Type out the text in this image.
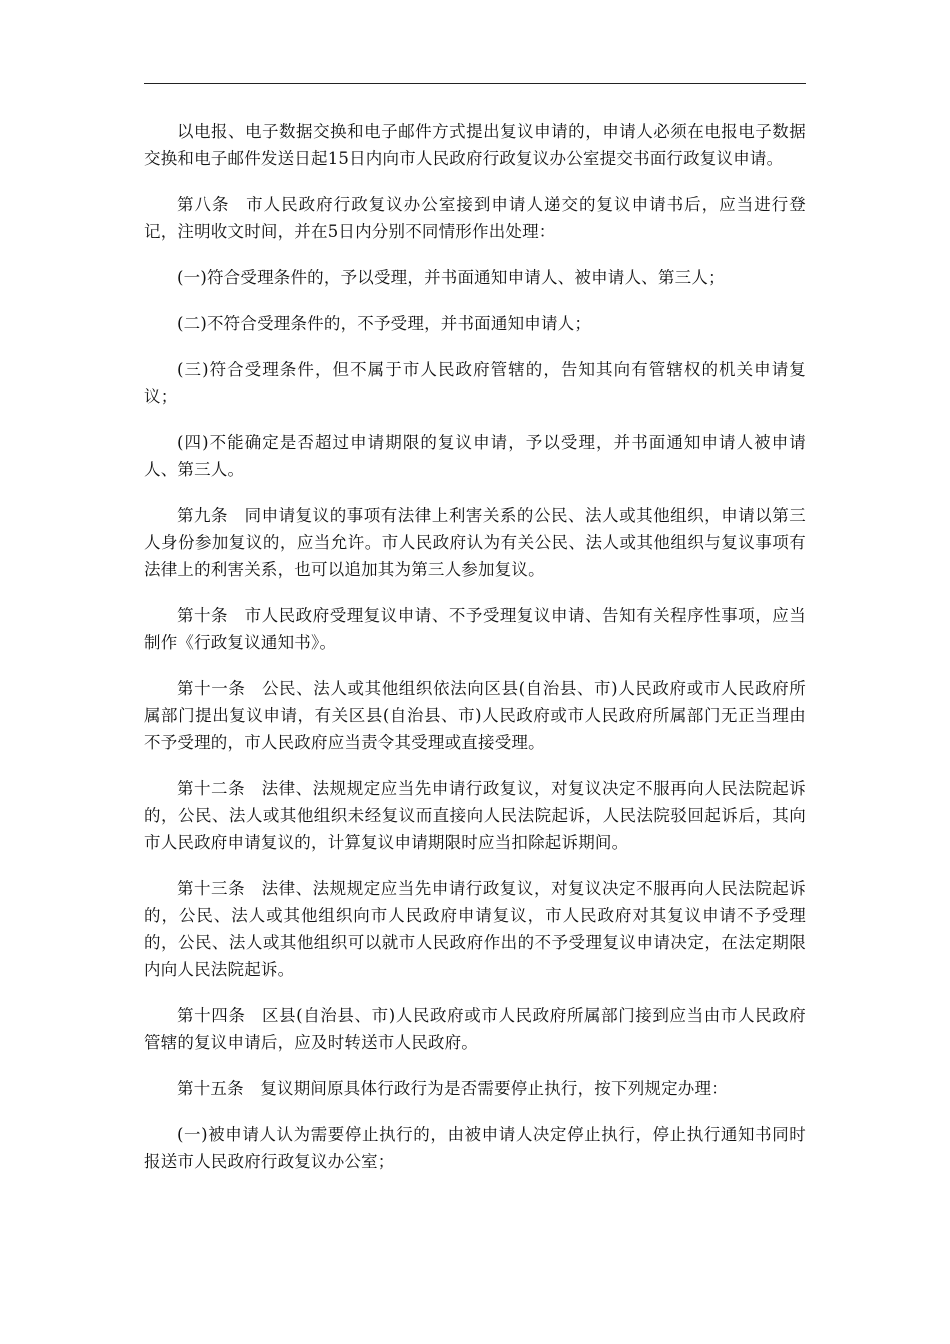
以电报、电子数据交换和电子邮件方式提出复议申请的，申请人必须在电报电子数据交换和电子邮件发送日起15日内向市人民政府行政复议办公室提交书面行政复议申请。

第八条 市人民政府行政复议办公室接到申请人递交的复议申请书后，应当进行登记，注明收文时间，并在5日内分别不同情形作出处理：

(一)符合受理条件的，予以受理，并书面通知申请人、被申请人、第三人；

(二)不符合受理条件的，不予受理，并书面通知申请人；

(三)符合受理条件，但不属于市人民政府管辖的，告知其向有管辖权的机关申请复议；

(四)不能确定是否超过申请期限的复议申请，予以受理，并书面通知申请人被申请人、第三人。

第九条 同申请复议的事项有法律上利害关系的公民、法人或其他组织，申请以第三人身份参加复议的，应当允许。市人民政府认为有关公民、法人或其他组织与复议事项有法律上的利害关系，也可以追加其为第三人参加复议。

第十条 市人民政府受理复议申请、不予受理复议申请、告知有关程序性事项，应当制作《行政复议通知书》。

第十一条 公民、法人或其他组织依法向区县(自治县、市)人民政府或市人民政府所属部门提出复议申请，有关区县(自治县、市)人民政府或市人民政府所属部门无正当理由不予受理的，市人民政府应当责令其受理或直接受理。

第十二条 法律、法规规定应当先申请行政复议，对复议决定不服再向人民法院起诉的，公民、法人或其他组织未经复议而直接向人民法院起诉，人民法院驳回起诉后，其向市人民政府申请复议的，计算复议申请期限时应当扣除起诉期间。

第十三条 法律、法规规定应当先申请行政复议，对复议决定不服再向人民法院起诉的，公民、法人或其他组织向市人民政府申请复议，市人民政府对其复议申请不予受理的，公民、法人或其他组织可以就市人民政府作出的不予受理复议申请决定，在法定期限内向人民法院起诉。

第十四条 区县(自治县、市)人民政府或市人民政府所属部门接到应当由市人民政府管辖的复议申请后，应及时转送市人民政府。

第十五条 复议期间原具体行政行为是否需要停止执行，按下列规定办理：

(一)被申请人认为需要停止执行的，由被申请人决定停止执行，停止执行通知书同时报送市人民政府行政复议办公室；
